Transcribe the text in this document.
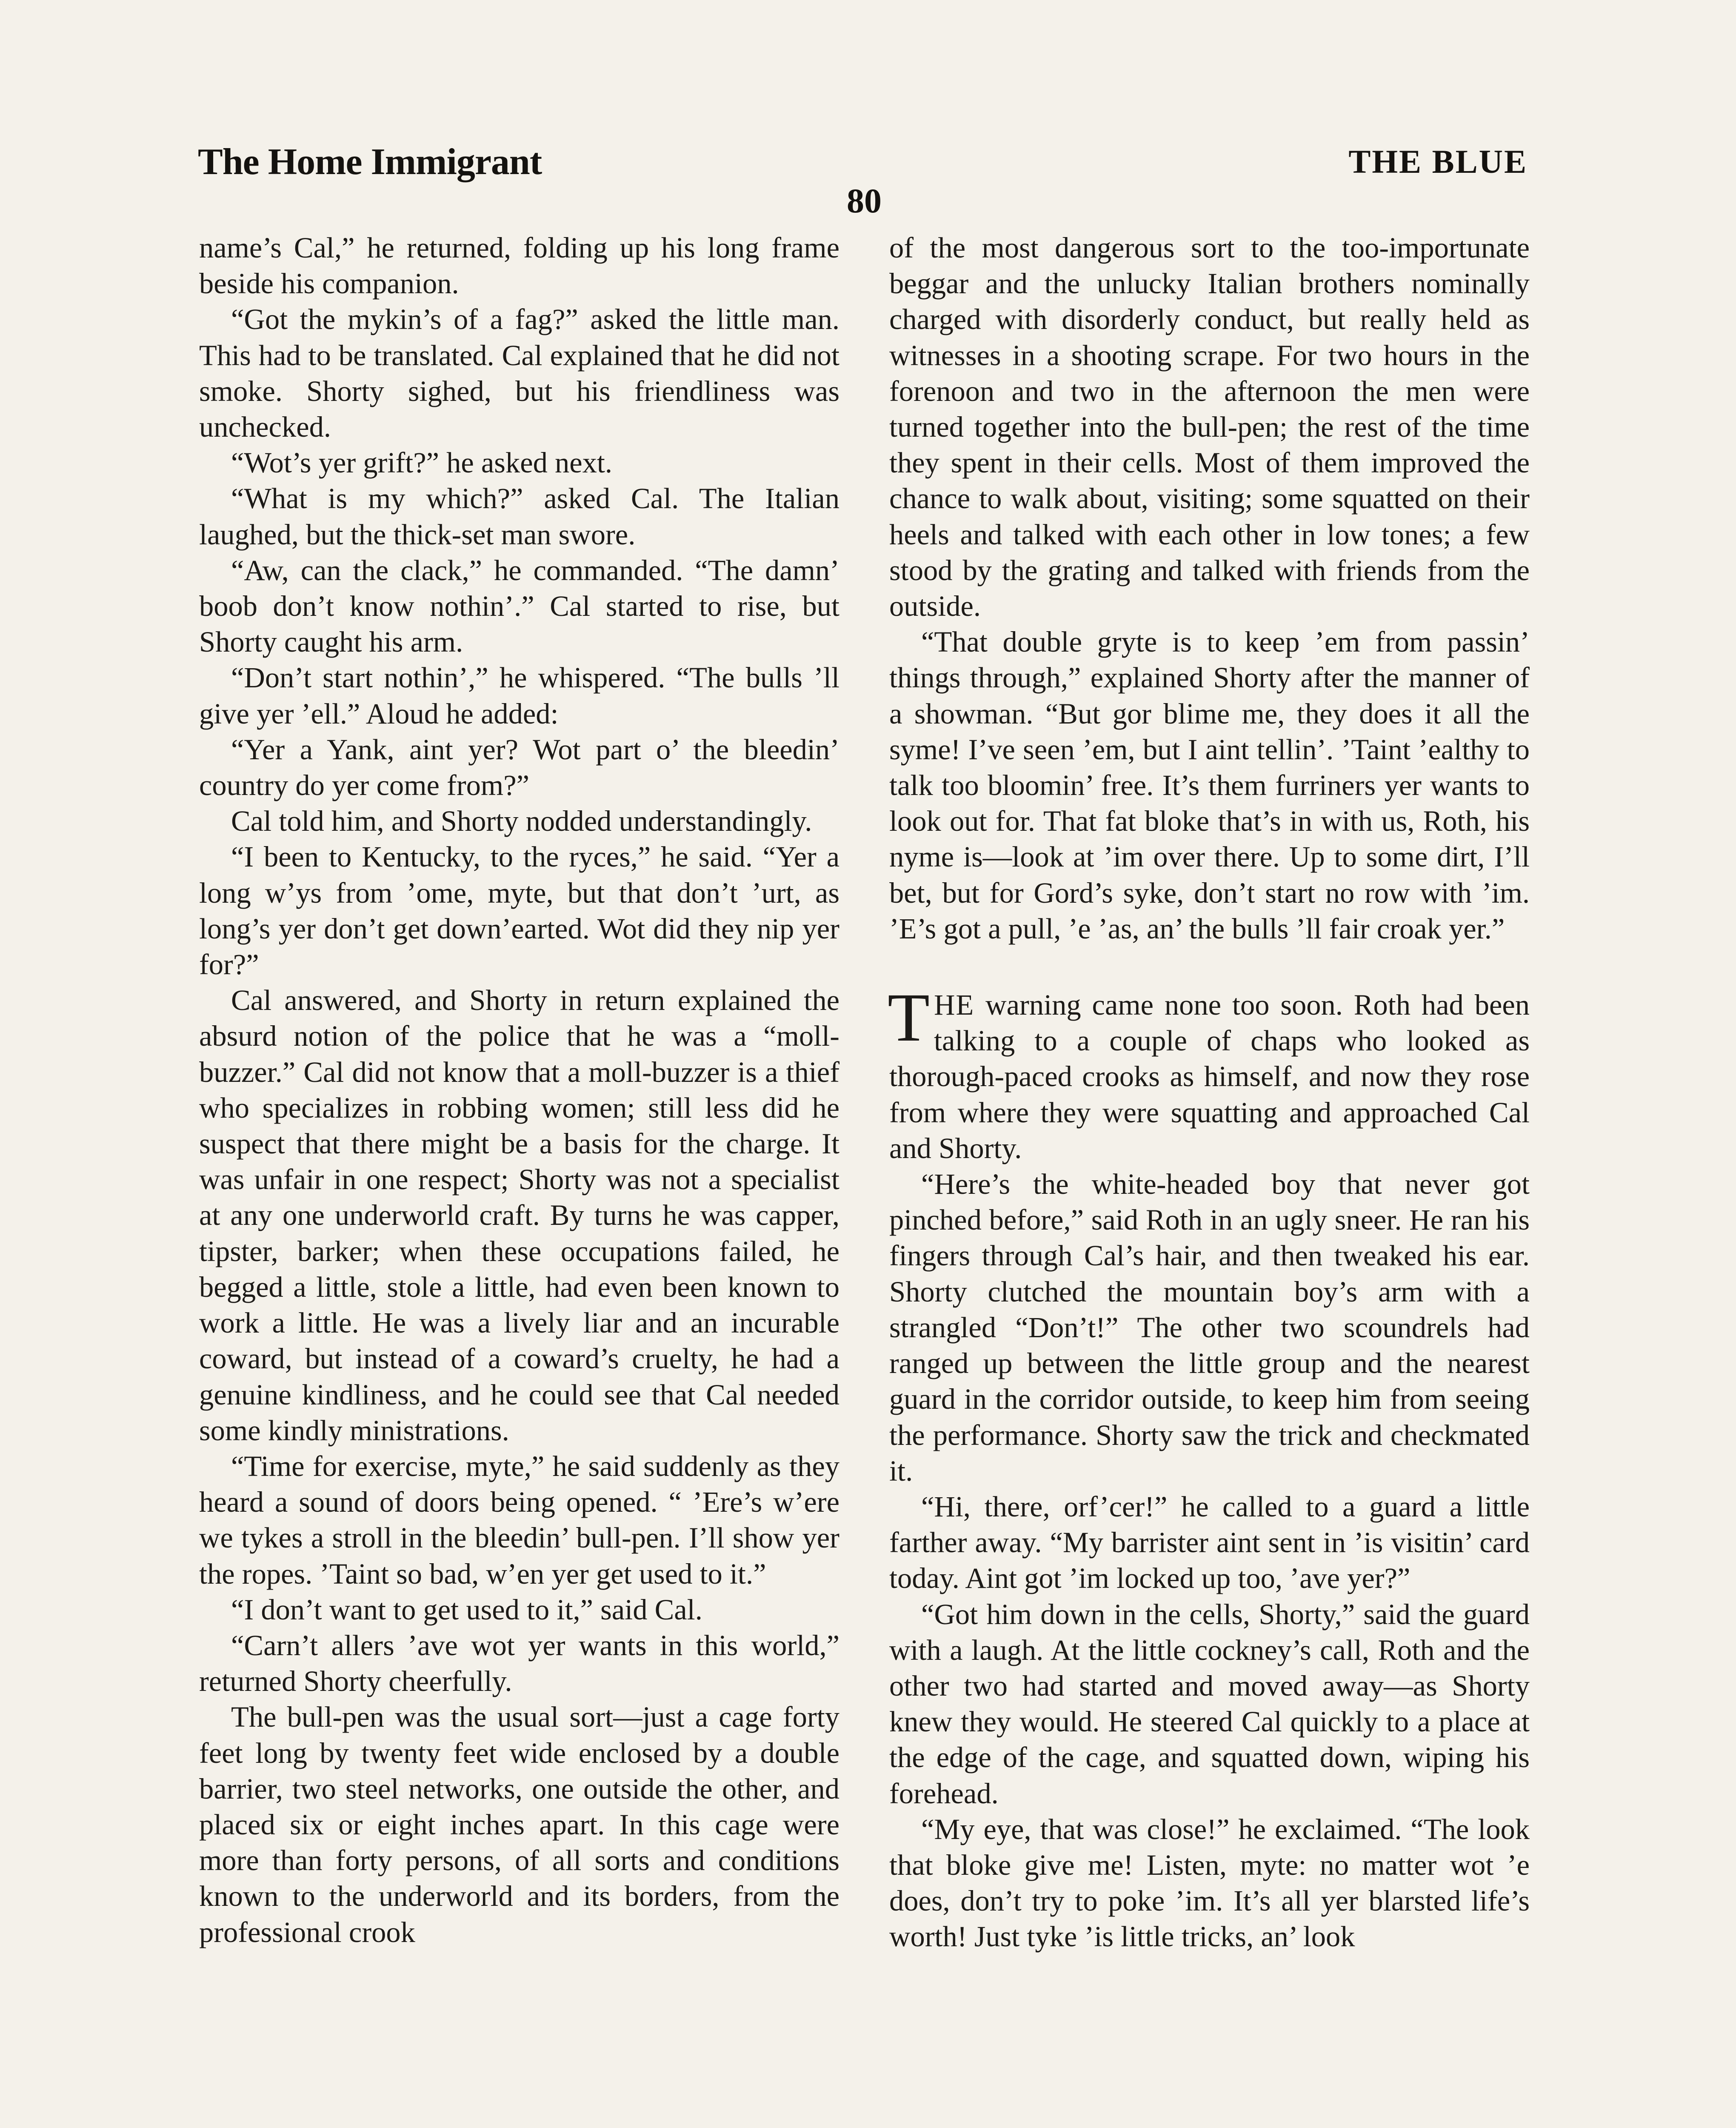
The Home Immigrant	THE BLUE
80

name’s Cal,” he returned, folding up his long frame beside his companion.

“Got the mykin’s of a fag?” asked the little man. This had to be translated. Cal explained that he did not smoke. Shorty sighed, but his friendliness was unchecked.

“Wot’s yer grift?” he asked next.

“What is my which?” asked Cal. The Italian laughed, but the thick-set man swore.

“Aw, can the clack,” he commanded. “The damn’ boob don’t know nothin’.” Cal started to rise, but Shorty caught his arm.

“Don’t start nothin’,” he whispered. “The bulls ’ll give yer ’ell.” Aloud he added:

“Yer a Yank, aint yer? Wot part o’ the bleedin’ country do yer come from?”

Cal told him, and Shorty nodded understandingly.

“I been to Kentucky, to the ryces,” he said. “Yer a long w’ys from ’ome, myte, but that don’t ’urt, as long’s yer don’t get down’earted. Wot did they nip yer for?”

Cal answered, and Shorty in return explained the absurd notion of the police that he was a “moll-buzzer.” Cal did not know that a moll-buzzer is a thief who specializes in robbing women; still less did he suspect that there might be a basis for the charge. It was unfair in one respect; Shorty was not a specialist at any one underworld craft. By turns he was capper, tipster, barker; when these occupations failed, he begged a little, stole a little, had even been known to work a little. He was a lively liar and an incurable coward, but instead of a coward’s cruelty, he had a genuine kindliness, and he could see that Cal needed some kindly ministrations.

“Time for exercise, myte,” he said suddenly as they heard a sound of doors being opened. “ ’Ere’s w’ere we tykes a stroll in the bleedin’ bull-pen. I’ll show yer the ropes. ’Taint so bad, w’en yer get used to it.”

“I don’t want to get used to it,” said Cal.

“Carn’t allers ’ave wot yer wants in this world,” returned Shorty cheerfully.

The bull-pen was the usual sort—just a cage forty feet long by twenty feet wide enclosed by a double barrier, two steel networks, one outside the other, and placed six or eight inches apart. In this cage were more than forty persons, of all sorts and conditions known to the underworld and its borders, from the professional crook

of the most dangerous sort to the too-importunate beggar and the unlucky Italian brothers nominally charged with disorderly conduct, but really held as witnesses in a shooting scrape. For two hours in the forenoon and two in the afternoon the men were turned together into the bull-pen; the rest of the time they spent in their cells. Most of them improved the chance to walk about, visiting; some squatted on their heels and talked with each other in low tones; a few stood by the grating and talked with friends from the outside.

“That double gryte is to keep ’em from passin’ things through,” explained Shorty after the manner of a showman. “But gor blime me, they does it all the syme! I’ve seen ’em, but I aint tellin’. ’Taint ’ealthy to talk too bloomin’ free. It’s them furriners yer wants to look out for. That fat bloke that’s in with us, Roth, his nyme is—look at ’im over there. Up to some dirt, I’ll bet, but for Gord’s syke, don’t start no row with ’im. ’E’s got a pull, ’e ’as, an’ the bulls ’ll fair croak yer.”

THE warning came none too soon. Roth had been talking to a couple of chaps who looked as thorough-paced crooks as himself, and now they rose from where they were squatting and approached Cal and Shorty.

“Here’s the white-headed boy that never got pinched before,” said Roth in an ugly sneer. He ran his fingers through Cal’s hair, and then tweaked his ear. Shorty clutched the mountain boy’s arm with a strangled “Don’t!” The other two scoundrels had ranged up between the little group and the nearest guard in the corridor outside, to keep him from seeing the performance. Shorty saw the trick and checkmated it.

“Hi, there, orf’cer!” he called to a guard a little farther away. “My barrister aint sent in ’is visitin’ card today. Aint got ’im locked up too, ’ave yer?”

“Got him down in the cells, Shorty,” said the guard with a laugh. At the little cockney’s call, Roth and the other two had started and moved away—as Shorty knew they would. He steered Cal quickly to a place at the edge of the cage, and squatted down, wiping his forehead.

“My eye, that was close!” he exclaimed. “The look that bloke give me! Listen, myte: no matter wot ’e does, don’t try to poke ’im. It’s all yer blarsted life’s worth! Just tyke ’is little tricks, an’ look
